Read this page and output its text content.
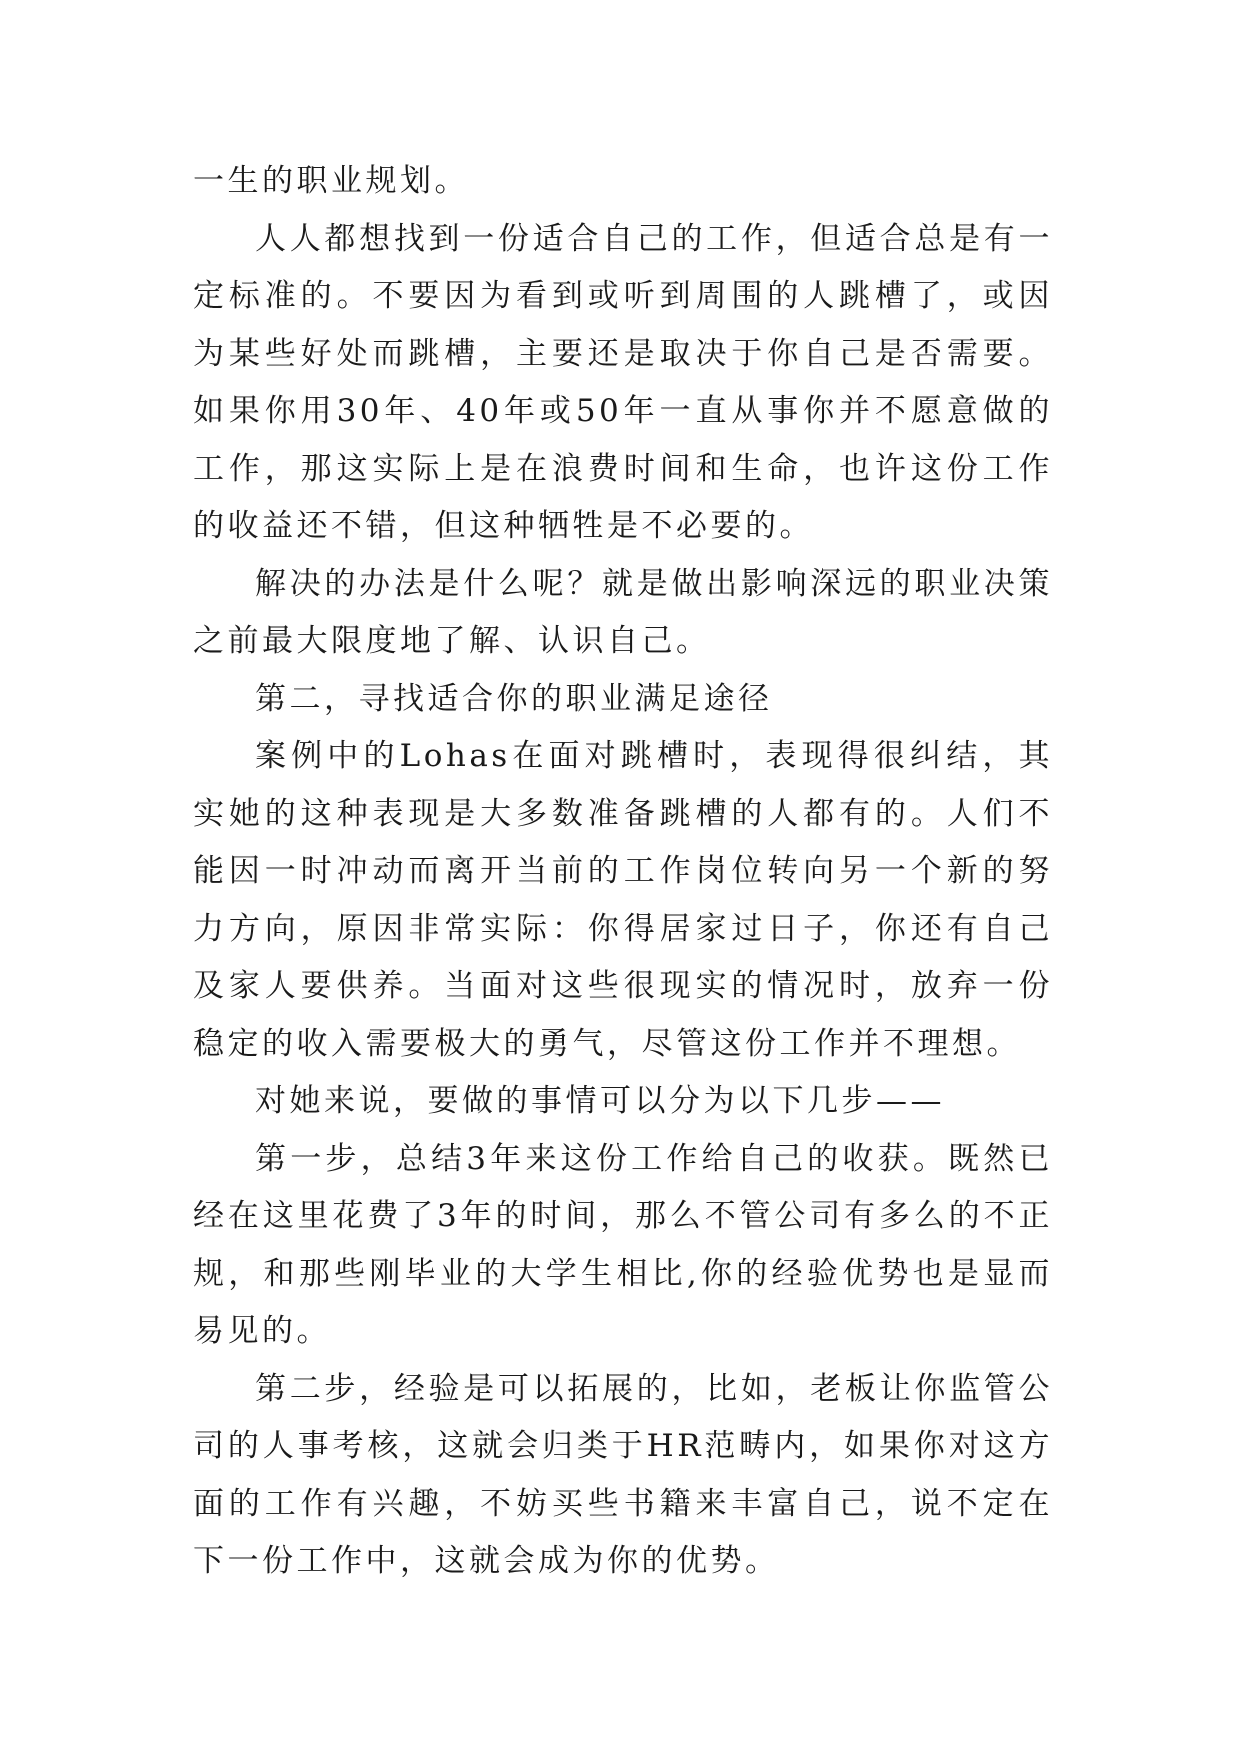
一生的职业规划。

人人都想找到一份适合自己的工作，但适合总是有一定标准的。不要因为看到或听到周围的人跳槽了，或因为某些好处而跳槽，主要还是取决于你自己是否需要。如果你用30年、40年或50年一直从事你并不愿意做的工作，那这实际上是在浪费时间和生命，也许这份工作的收益还不错，但这种牺牲是不必要的。

解决的办法是什么呢？就是做出影响深远的职业决策之前最大限度地了解、认识自己。

第二，寻找适合你的职业满足途径

案例中的Lohas在面对跳槽时，表现得很纠结，其实她的这种表现是大多数准备跳槽的人都有的。人们不能因一时冲动而离开当前的工作岗位转向另一个新的努力方向，原因非常实际：你得居家过日子，你还有自己及家人要供养。当面对这些很现实的情况时，放弃一份稳定的收入需要极大的勇气，尽管这份工作并不理想。

对她来说，要做的事情可以分为以下几步——

第一步，总结3年来这份工作给自己的收获。既然已经在这里花费了3年的时间，那么不管公司有多么的不正规，和那些刚毕业的大学生相比,你的经验优势也是显而易见的。

第二步，经验是可以拓展的，比如，老板让你监管公司的人事考核，这就会归类于HR范畴内，如果你对这方面的工作有兴趣，不妨买些书籍来丰富自己，说不定在下一份工作中，这就会成为你的优势。
